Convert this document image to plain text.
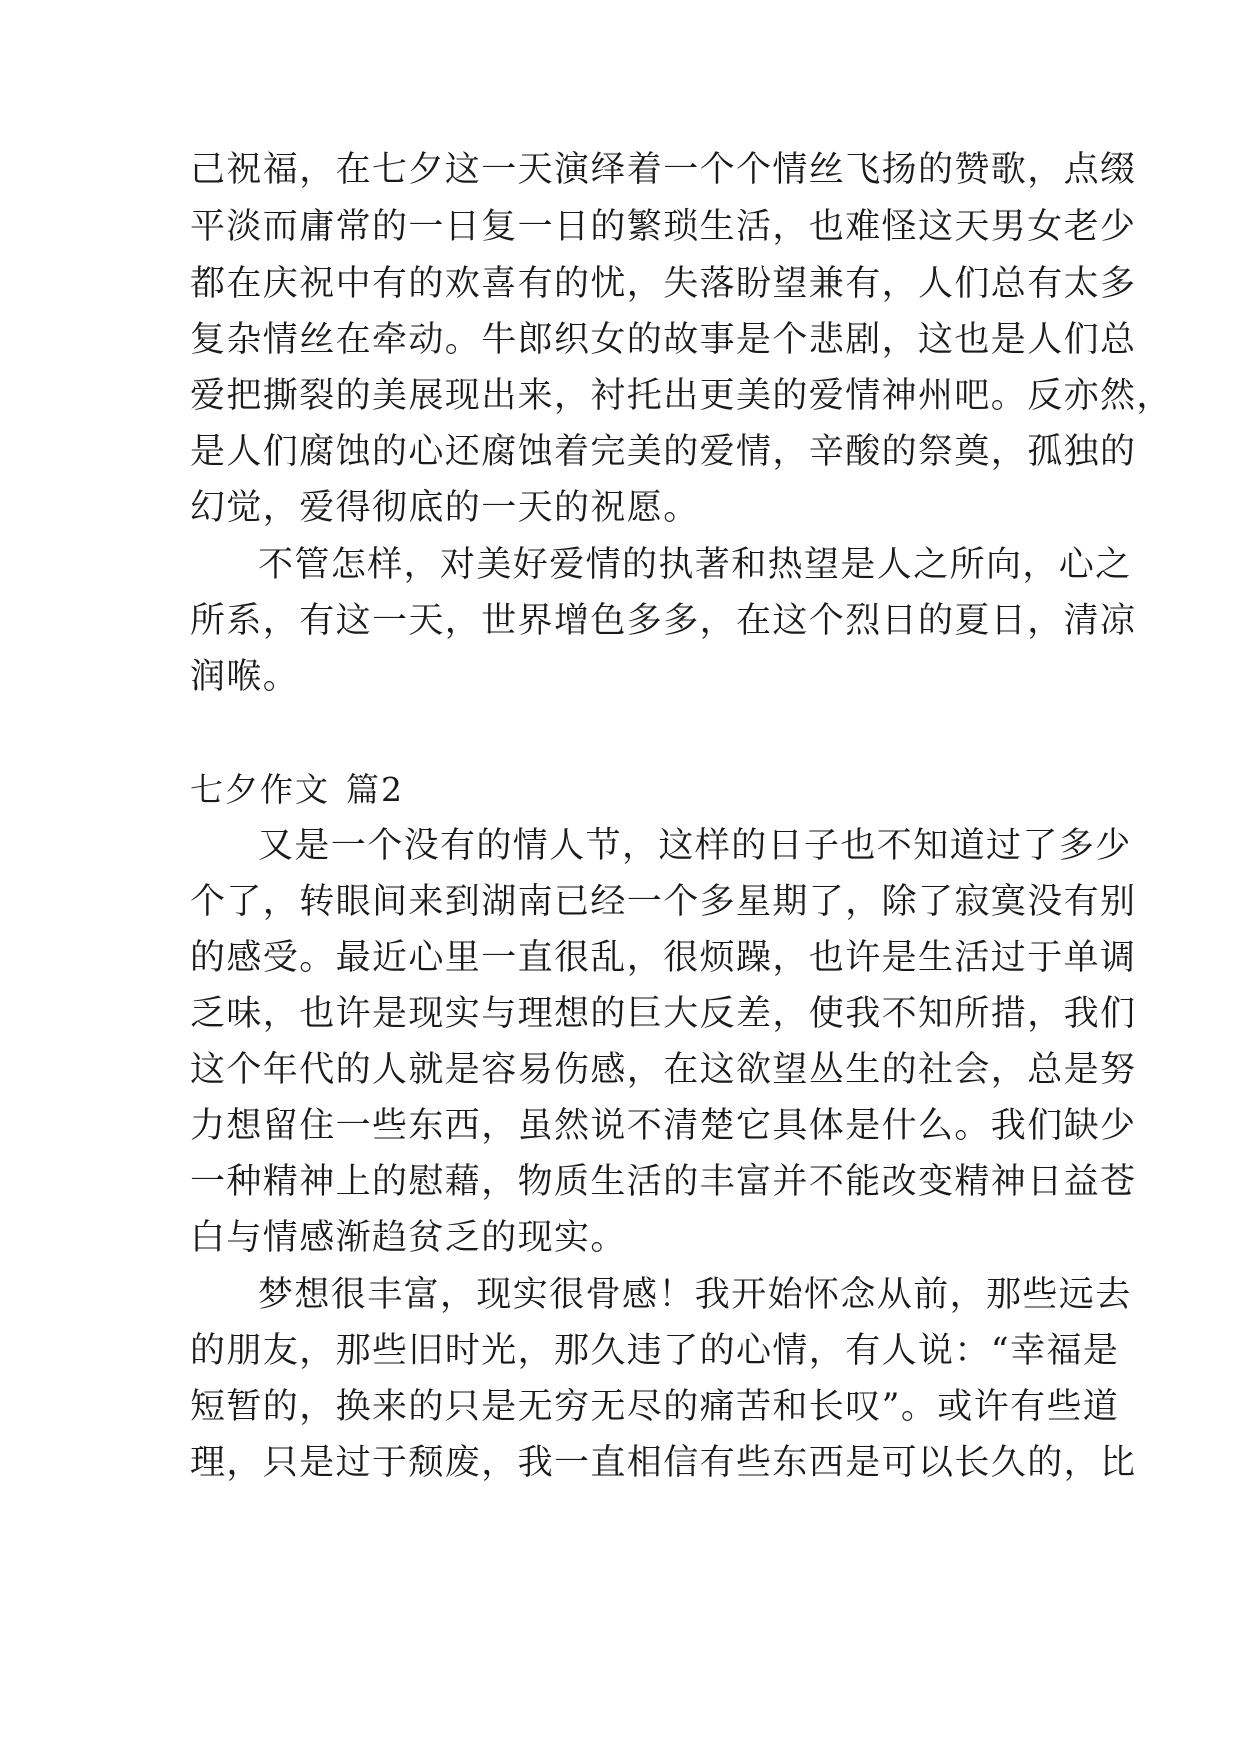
己祝福，在七夕这一天演绎着一个个情丝飞扬的赞歌，点缀
平淡而庸常的一日复一日的繁琐生活，也难怪这天男女老少
都在庆祝中有的欢喜有的忧，失落盼望兼有，人们总有太多
复杂情丝在牵动。牛郎织女的故事是个悲剧，这也是人们总
爱把撕裂的美展现出来，衬托出更美的爱情神州吧。反亦然，
是人们腐蚀的心还腐蚀着完美的爱情，辛酸的祭奠，孤独的
幻觉，爱得彻底的一天的祝愿。
不管怎样，对美好爱情的执著和热望是人之所向，心之
所系，有这一天，世界增色多多，在这个烈日的夏日，清凉
润喉。
七夕作文 篇2
又是一个没有的情人节，这样的日子也不知道过了多少
个了，转眼间来到湖南已经一个多星期了，除了寂寞没有别
的感受。最近心里一直很乱，很烦躁，也许是生活过于单调
乏味，也许是现实与理想的巨大反差，使我不知所措，我们
这个年代的人就是容易伤感，在这欲望丛生的社会，总是努
力想留住一些东西，虽然说不清楚它具体是什么。我们缺少
一种精神上的慰藉，物质生活的丰富并不能改变精神日益苍
白与情感渐趋贫乏的现实。
梦想很丰富，现实很骨感！我开始怀念从前，那些远去
的朋友，那些旧时光，那久违了的心情，有人说：“幸福是
短暂的，换来的只是无穷无尽的痛苦和长叹”。或许有些道
理，只是过于颓废，我一直相信有些东西是可以长久的，比
